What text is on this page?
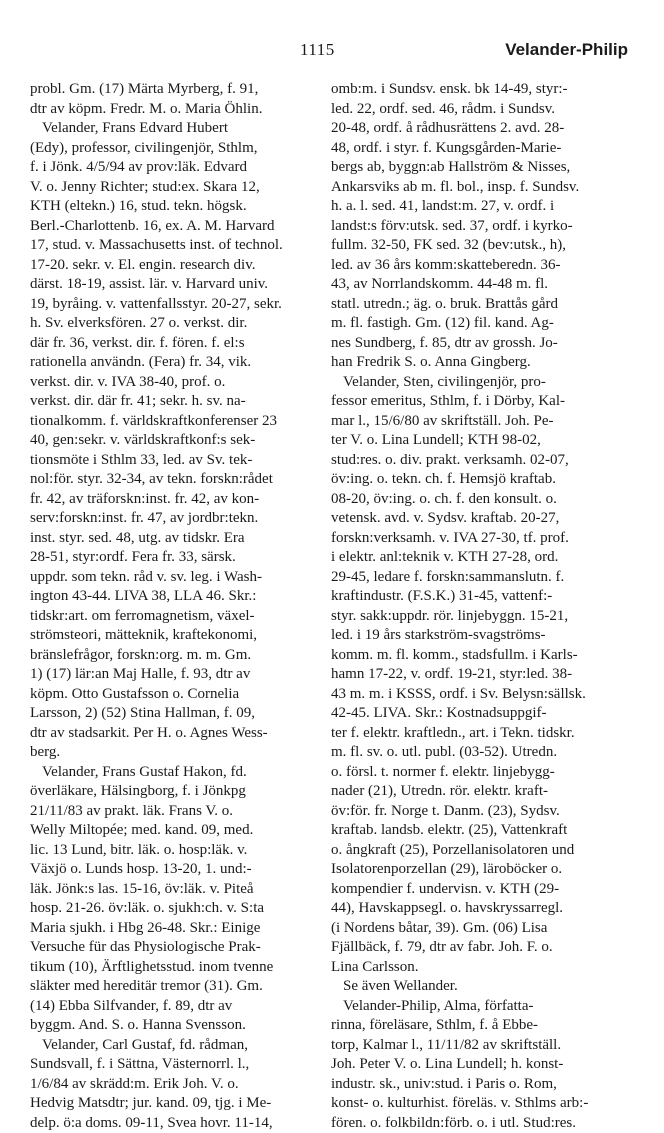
1115	Velander-Philip
probl. Gm. (17) Märta Myrberg, f. 91,
dtr av köpm. Fredr. M. o. Maria Öhlin.
Velander, Frans Edvard Hubert
(Edy), professor, civilingenjör, Sthlm,
f. i Jönk. 4/5/94 av prov:läk. Edvard
V. o. Jenny Richter; stud:ex. Skara 12,
KTH (eltekn.) 16, stud. tekn. högsk.
Berl.-Charlottenb. 16, ex. A. M. Harvard
17, stud. v. Massachusetts inst. of technol.
17-20. sekr. v. El. engin. research div.
därst. 18-19, assist. lär. v. Harvard univ.
19, byråing. v. vattenfallsstyr. 20-27, sekr.
h. Sv. elverksfören. 27 o. verkst. dir.
där fr. 36, verkst. dir. f. fören. f. el:s
rationella användn. (Fera) fr. 34, vik.
verkst. dir. v. IVA 38-40, prof. o.
verkst. dir. där fr. 41; sekr. h. sv. na-
tionalkomm. f. världskraftkonferenser 23
40, gen:sekr. v. världskraftkonf:s sek-
tionsmöte i Sthlm 33, led. av Sv. tek-
nol:för. styr. 32-34, av tekn. forskn:rådet
fr. 42, av träforskn:inst. fr. 42, av kon-
serv:forskn:inst. fr. 47, av jordbr:tekn.
inst. styr. sed. 48, utg. av tidskr. Era
28-51, styr:ordf. Fera fr. 33, särsk.
uppdr. som tekn. råd v. sv. leg. i Wash-
ington 43-44. LIVA 38, LLA 46. Skr.:
tidskr:art. om ferromagnetism, växel-
strömsteori, mätteknik, kraftekonomi,
bränslefrågor, forskn:org. m. m. Gm.
1) (17) lär:an Maj Halle, f. 93, dtr av
köpm. Otto Gustafsson o. Cornelia
Larsson, 2) (52) Stina Hallman, f. 09,
dtr av stadsarkit. Per H. o. Agnes Wess-
berg.
Velander, Frans Gustaf Hakon, fd.
överläkare, Hälsingborg, f. i Jönkpg
21/11/83 av prakt. läk. Frans V. o.
Welly Miltopée; med. kand. 09, med.
lic. 13 Lund, bitr. läk. o. hosp:läk. v.
Växjö o. Lunds hosp. 13-20, 1. und:-
läk. Jönk:s las. 15-16, öv:läk. v. Piteå
hosp. 21-26. öv:läk. o. sjukh:ch. v. S:ta
Maria sjukh. i Hbg 26-48. Skr.: Einige
Versuche für das Physiologische Prak-
tikum (10), Ärftlighetsstud. inom tvenne
släkter med hereditär tremor (31). Gm.
(14) Ebba Silfvander, f. 89, dtr av
byggm. And. S. o. Hanna Svensson.
Velander, Carl Gustaf, fd. rådman,
Sundsvall, f. i Sättna, Västernorrl. l.,
1/6/84 av skrädd:m. Erik Joh. V. o.
Hedvig Matsdtr; jur. kand. 09, tjg. i Me-
delp. ö:a doms. 09-11, Svea hovr. 11-14,
omb:m. i Sundsv. ensk. bk 14-49, styr:-
led. 22, ordf. sed. 46, rådm. i Sundsv.
20-48, ordf. å rådhusrättens 2. avd. 28-
48, ordf. i styr. f. Kungsgården-Marie-
bergs ab, byggn:ab Hallström & Nisses,
Ankarsviks ab m. fl. bol., insp. f. Sundsv.
h. a. l. sed. 41, landst:m. 27, v. ordf. i
landst:s förv:utsk. sed. 37, ordf. i kyrko-
fullm. 32-50, FK sed. 32 (bev:utsk., h),
led. av 36 års komm:skatteberedn. 36-
43, av Norrlandskomm. 44-48 m. fl.
statl. utredn.; äg. o. bruk. Brattås gård
m. fl. fastigh. Gm. (12) fil. kand. Ag-
nes Sundberg, f. 85, dtr av grossh. Jo-
han Fredrik S. o. Anna Gingberg.
Velander, Sten, civilingenjör, pro-
fessor emeritus, Sthlm, f. i Dörby, Kal-
mar l., 15/6/80 av skriftställ. Joh. Pe-
ter V. o. Lina Lundell; KTH 98-02,
stud:res. o. div. prakt. verksamh. 02-07,
öv:ing. o. tekn. ch. f. Hemsjö kraftab.
08-20, öv:ing. o. ch. f. den konsult. o.
vetensk. avd. v. Sydsv. kraftab. 20-27,
forskn:verksamh. v. IVA 27-30, tf. prof.
i elektr. anl:teknik v. KTH 27-28, ord.
29-45, ledare f. forskn:sammanslutn. f.
kraftindustr. (F.S.K.) 31-45, vattenf:-
styr. sakk:uppdr. rör. linjebyggn. 15-21,
led. i 19 års starkström-svagströms-
komm. m. fl. komm., stadsfullm. i Karls-
hamn 17-22, v. ordf. 19-21, styr:led. 38-
43 m. m. i KSSS, ordf. i Sv. Belysn:sällsk.
42-45. LIVA. Skr.: Kostnadsuppgif-
ter f. elektr. kraftledn., art. i Tekn. tidskr.
m. fl. sv. o. utl. publ. (03-52). Utredn.
o. försl. t. normer f. elektr. linjebygg-
nader (21), Utredn. rör. elektr. kraft-
öv:för. fr. Norge t. Danm. (23), Sydsv.
kraftab. landsb. elektr. (25), Vattenkraft
o. ångkraft (25), Porzellanisolatoren und
Isolatorenporzellan (29), läroböcker o.
kompendier f. undervisn. v. KTH (29-
44), Havskappsegl. o. havskryssarregl.
(i Nordens båtar, 39). Gm. (06) Lisa
Fjällbäck, f. 79, dtr av fabr. Joh. F. o.
Lina Carlsson.
Se även Wellander.
Velander-Philip, Alma, författa-
rinna, föreläsare, Sthlm, f. å Ebbe-
torp, Kalmar l., 11/11/82 av skriftställ.
Joh. Peter V. o. Lina Lundell; h. konst-
industr. sk., univ:stud. i Paris o. Rom,
konst- o. kulturhist. föreläs. v. Sthlms arb:-
fören. o. folkbildn:förb. o. i utl. Stud:res.
